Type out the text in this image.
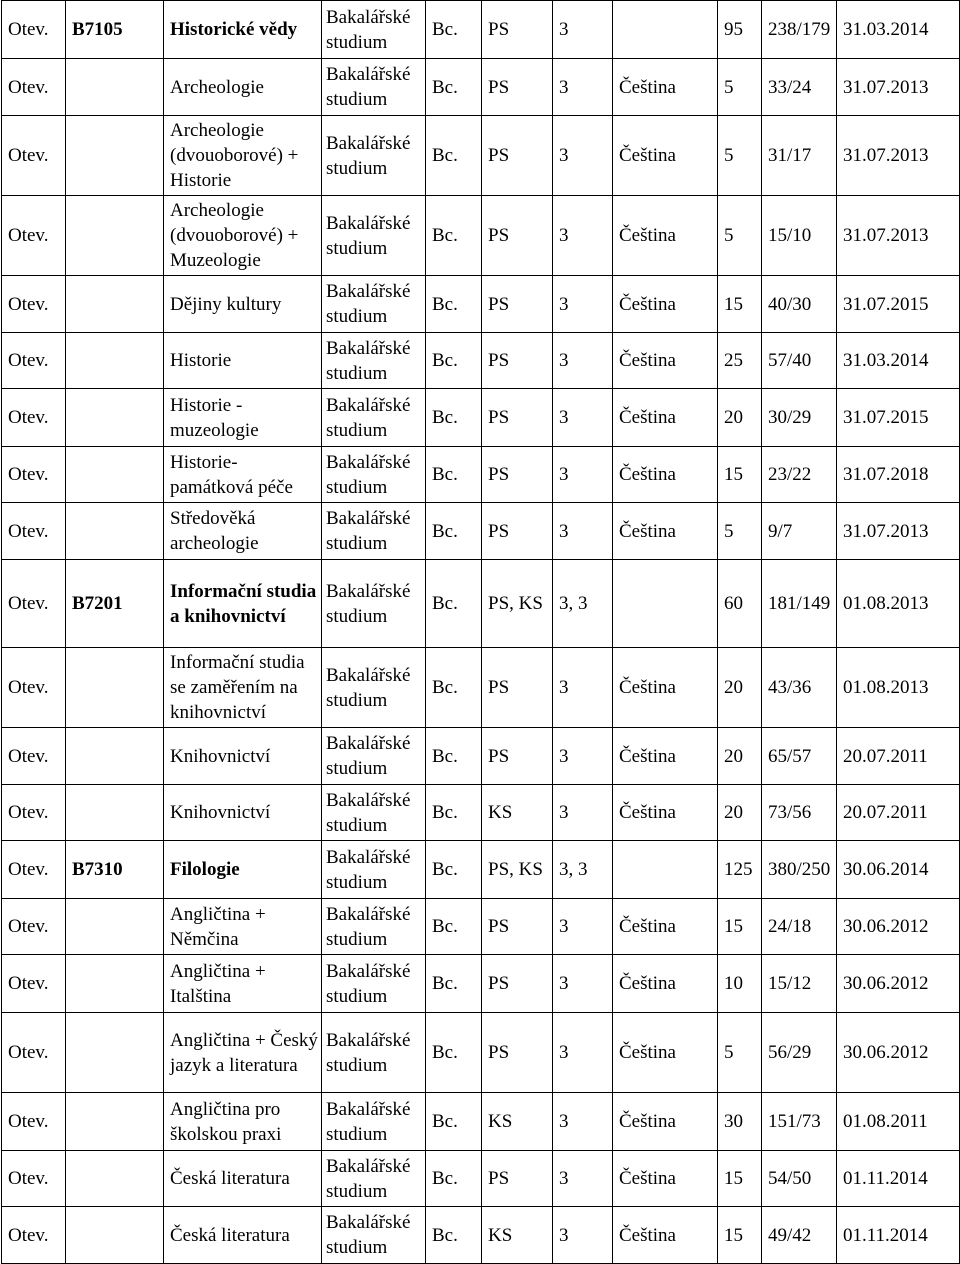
Otev.	B7105	Historické vědy	Bakalářské studium	Bc.	PS	3		95	238/179	31.03.2014
Otev.		Archeologie	Bakalářské studium	Bc.	PS	3	Čeština	5	33/24	31.07.2013
Otev.		Archeologie (dvouoborové) + Historie	Bakalářské studium	Bc.	PS	3	Čeština	5	31/17	31.07.2013
Otev.		Archeologie (dvouoborové) + Muzeologie	Bakalářské studium	Bc.	PS	3	Čeština	5	15/10	31.07.2013
Otev.		Dějiny kultury	Bakalářské studium	Bc.	PS	3	Čeština	15	40/30	31.07.2015
Otev.		Historie	Bakalářské studium	Bc.	PS	3	Čeština	25	57/40	31.03.2014
Otev.		Historie - muzeologie	Bakalářské studium	Bc.	PS	3	Čeština	20	30/29	31.07.2015
Otev.		Historie- památková péče	Bakalářské studium	Bc.	PS	3	Čeština	15	23/22	31.07.2018
Otev.		Středověká archeologie	Bakalářské studium	Bc.	PS	3	Čeština	5	9/7	31.07.2013
Otev.	B7201	Informační studia a knihovnictví	Bakalářské studium	Bc.	PS, KS	3, 3		60	181/149	01.08.2013
Otev.		Informační studia se zaměřením na knihovnictví	Bakalářské studium	Bc.	PS	3	Čeština	20	43/36	01.08.2013
Otev.		Knihovnictví	Bakalářské studium	Bc.	PS	3	Čeština	20	65/57	20.07.2011
Otev.		Knihovnictví	Bakalářské studium	Bc.	KS	3	Čeština	20	73/56	20.07.2011
Otev.	B7310	Filologie	Bakalářské studium	Bc.	PS, KS	3, 3		125	380/250	30.06.2014
Otev.		Angličtina + Němčina	Bakalářské studium	Bc.	PS	3	Čeština	15	24/18	30.06.2012
Otev.		Angličtina + Italština	Bakalářské studium	Bc.	PS	3	Čeština	10	15/12	30.06.2012
Otev.		Angličtina + Český jazyk a literatura	Bakalářské studium	Bc.	PS	3	Čeština	5	56/29	30.06.2012
Otev.		Angličtina pro školskou praxi	Bakalářské studium	Bc.	KS	3	Čeština	30	151/73	01.08.2011
Otev.		Česká literatura	Bakalářské studium	Bc.	PS	3	Čeština	15	54/50	01.11.2014
Otev.		Česká literatura	Bakalářské studium	Bc.	KS	3	Čeština	15	49/42	01.11.2014
